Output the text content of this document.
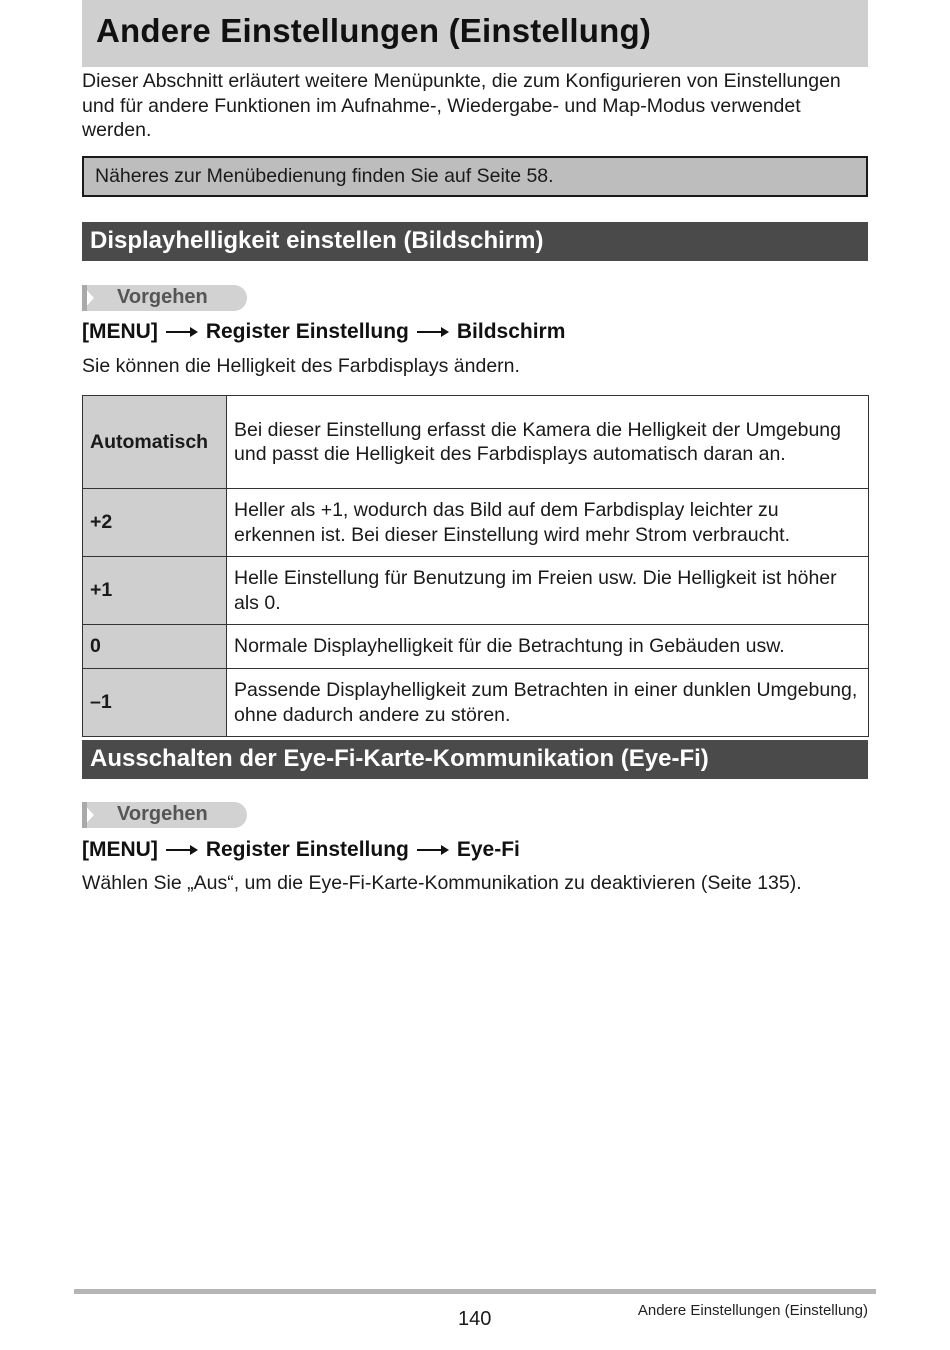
Andere Einstellungen (Einstellung)

Dieser Abschnitt erläutert weitere Menüpunkte, die zum Konfigurieren von Einstellungen und für andere Funktionen im Aufnahme-, Wiedergabe- und Map-Modus verwendet werden.

Näheres zur Menübedienung finden Sie auf Seite 58.
Displayhelligkeit einstellen (Bildschirm)
Vorgehen
[MENU] Register Einstellung Bildschirm
Sie können die Helligkeit des Farbdisplays ändern.
Automatisch	Bei dieser Einstellung erfasst die Kamera die Helligkeit der Umgebung und passt die Helligkeit des Farbdisplays automatisch daran an.
+2	Heller als +1, wodurch das Bild auf dem Farbdisplay leichter zu erkennen ist. Bei dieser Einstellung wird mehr Strom verbraucht.
+1	Helle Einstellung für Benutzung im Freien usw. Die Helligkeit ist höher als 0.
0	Normale Displayhelligkeit für die Betrachtung in Gebäuden usw.
–1	Passende Displayhelligkeit zum Betrachten in einer dunklen Umgebung, ohne dadurch andere zu stören.
Ausschalten der Eye-Fi-Karte-Kommunikation (Eye-Fi)
Vorgehen
[MENU] Register Einstellung Eye-Fi
Wählen Sie „Aus“, um die Eye-Fi-Karte-Kommunikation zu deaktivieren (Seite 135).
140	Andere Einstellungen (Einstellung)
